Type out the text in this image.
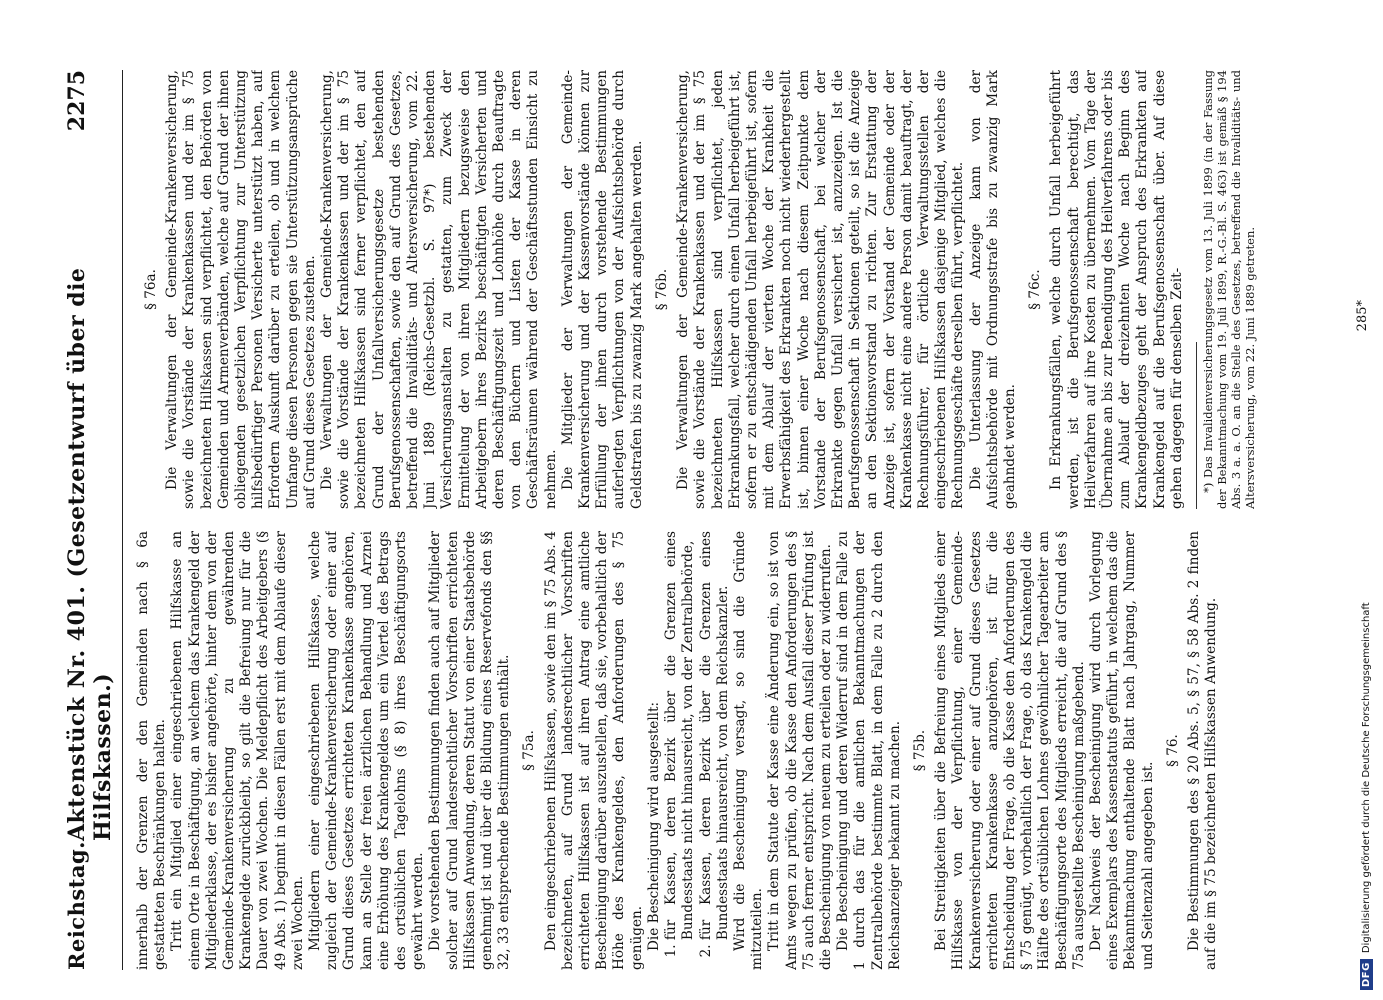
Reichstag.
Aktenstück Nr. 401. (Gesetzentwurf über die Hilfskassen.)
2275

innerhalb der Grenzen der den Gemeinden nach § 6a gestatteten Beschränkungen halten. Tritt ein Mitglied einer eingeschriebenen Hilfskasse an einem Orte in Beschäftigung, an welchem das Krankengeld der Mitgliederklasse, der es bisher angehörte, hinter dem von der Gemeinde-Krankenversicherung zu gewährenden Krankengelde zurückbleibt, so gilt die Befreiung nur für die Dauer von zwei Wochen. Die Meldepflicht des Arbeitgebers (§ 49 Abs. 1) beginnt in diesen Fällen erst mit dem Ablaufe dieser zwei Wochen. Mitgliedern einer eingeschriebenen Hilfskasse, welche zugleich der Gemeinde-Krankenversicherung oder einer auf Grund dieses Gesetzes errichteten Krankenkasse angehören, kann an Stelle der freien ärztlichen Behandlung und Arznei eine Erhöhung des Krankengeldes um ein Viertel des Betrags des ortsüblichen Tagelohns (§ 8) ihres Beschäftigungsorts gewährt werden. Die vorstehenden Bestimmungen finden auch auf Mitglieder solcher auf Grund landesrechtlicher Vorschriften errichteten Hilfskassen Anwendung, deren Statut von einer Staatsbehörde genehmigt ist und über die Bildung eines Reservefonds den §§ 32, 33 entsprechende Bestimmungen enthält. § 75a. Den eingeschriebenen Hilfskassen, sowie den im § 75 Abs. 4 bezeichneten, auf Grund landesrechtlicher Vorschriften errichteten Hilfskassen ist auf ihren Antrag eine amtliche Bescheinigung darüber auszustellen, daß sie, vorbehaltlich der Höhe des Krankengeldes, den Anforderungen des § 75 genügen. Die Bescheinigung wird ausgestellt: 1. für Kassen, deren Bezirk über die Grenzen eines Bundesstaats nicht hinausreicht, von der Zentralbehörde, 2. für Kassen, deren Bezirk über die Grenzen eines Bundesstaats hinausreicht, von dem Reichskanzler. Wird die Bescheinigung versagt, so sind die Gründe mitzuteilen. Tritt in dem Statute der Kasse eine Änderung ein, so ist von Amts wegen zu prüfen, ob die Kasse den Anforderungen des § 75 auch ferner entspricht. Nach dem Ausfall dieser Prüfung ist die Bescheinigung von neuem zu erteilen oder zu widerrufen. Die Bescheinigung und deren Widerruf sind in dem Falle zu 1 durch das für die amtlichen Bekanntmachungen der Zentralbehörde bestimmte Blatt, in dem Falle zu 2 durch den Reichsanzeiger bekannt zu machen. § 75b. Bei Streitigkeiten über die Befreiung eines Mitglieds einer Hilfskasse von der Verpflichtung, einer Gemeinde-Krankenversicherung oder einer auf Grund dieses Gesetzes errichteten Krankenkasse anzugehören, ist für die Entscheidung der Frage, ob die Kasse den Anforderungen des § 75 genügt, vorbehaltlich der Frage, ob das Krankengeld die Hälfte des ortsüblichen Lohnes gewöhnlicher Tagearbeiter am Beschäftigungsorte des Mitglieds erreicht, die auf Grund des § 75a ausgestellte Bescheinigung maßgebend. Der Nachweis der Bescheinigung wird durch Vorlegung eines Exemplars des Kassenstatuts geführt, in welchem das die Bekanntmachung enthaltende Blatt nach Jahrgang, Nummer und Seitenzahl angegeben ist.

§ 76. Die Bestimmungen des § 20 Abs. 5, § 57, § 58 Abs. 2 finden auf die im § 75 bezeichneten Hilfskassen Anwendung.

§ 76a. Die Verwaltungen der Gemeinde-Krankenversicherung, sowie die Vorstände der Krankenkassen und der im § 75 bezeichneten Hilfskassen sind verpflichtet, den Behörden von Gemeinden und Armenverbänden, welche auf Grund der ihnen obliegenden gesetzlichen Verpflichtung zur Unterstützung hilfsbedürftiger Personen Versicherte unterstützt haben, auf Erfordern Auskunft darüber zu erteilen, ob und in welchem Umfange diesen Personen gegen sie Unterstützungsansprüche auf Grund dieses Gesetzes zustehen. Die Verwaltungen der Gemeinde-Krankenversicherung, sowie die Vorstände der Krankenkassen und der im § 75 bezeichneten Hilfskassen sind ferner verpflichtet, den auf Grund der Unfallversicherungsgesetze bestehenden Berufsgenossenschaften, sowie den auf Grund des Gesetzes, betreffend die Invaliditäts- und Altersversicherung, vom 22. Juni 1889 (Reichs-Gesetzbl. S. 97*) bestehenden Versicherungsanstalten zu gestatten, zum Zweck der Ermittelung der von ihren Mitgliedern bezugsweise den Arbeitgebern ihres Bezirks beschäftigten Versicherten und deren Beschäftigungszeit und Lohnhöhe durch Beauftragte von den Büchern und Listen der Kasse in deren Geschäftsräumen während der Geschäftsstunden Einsicht zu nehmen. Die Mitglieder der Verwaltungen der Gemeinde-Krankenversicherung und der Kassenvorstände können zur Erfüllung der ihnen durch vorstehende Bestimmungen auferlegten Verpflichtungen von der Aufsichtsbehörde durch Geldstrafen bis zu zwanzig Mark angehalten werden. § 76b. Die Verwaltungen der Gemeinde-Krankenversicherung, sowie die Vorstände der Krankenkassen und der im § 75 bezeichneten Hilfskassen sind verpflichtet, jeden Erkrankungsfall, welcher durch einen Unfall herbeigeführt ist, sofern er zu entschädigenden Unfall herbeigeführt ist, sofern mit dem Ablauf der vierten Woche der Krankheit die Erwerbsfähigkeit des Erkrankten noch nicht wiederhergestellt ist, binnen einer Woche nach diesem Zeitpunkte dem Vorstande der Berufsgenossenschaft, bei welcher der Erkrankte gegen Unfall versichert ist, anzuzeigen. Ist die Berufsgenossenschaft in Sektionen geteilt, so ist die Anzeige an den Sektionsvorstand zu richten. Zur Erstattung der Anzeige ist, sofern der Vorstand der Gemeinde oder der Krankenkasse nicht eine andere Person damit beauftragt, der Rechnungsführer, für örtliche Verwaltungsstellen der eingeschriebenen Hilfskassen dasjenige Mitglied, welches die Rechnungsgeschäfte derselben führt, verpflichtet. Die Unterlassung der Anzeige kann von der Aufsichtsbehörde mit Ordnungsstrafe bis zu zwanzig Mark geahndet werden.

§ 76c. In Erkrankungsfällen, welche durch Unfall herbeigeführt werden, ist die Berufsgenossenschaft berechtigt, das Heilverfahren auf ihre Kosten zu übernehmen. Vom Tage der Übernahme an bis zur Beendigung des Heilverfahrens oder bis zum Ablauf der dreizehnten Woche nach Beginn des Krankengeldbezuges geht der Anspruch des Erkrankten auf Krankengeld auf die Berufsgenossenschaft über. Auf diese gehen dagegen für denselben Zeit- *) Das Invalidenversicherungsgesetz vom 13. Juli 1899 (in der Fassung der Bekanntmachung vom 19. Juli 1899, R.-G.-Bl. S. 463) ist gemäß § 194 Abs. 3 a. a. O. an die Stelle des Gesetzes, betreffend die Invaliditäts- und Altersversicherung, vom 22. Juni 1889 getreten.	285*
DFG
Digitalisierung gefördert durch die Deutsche Forschungsgemeinschaft
